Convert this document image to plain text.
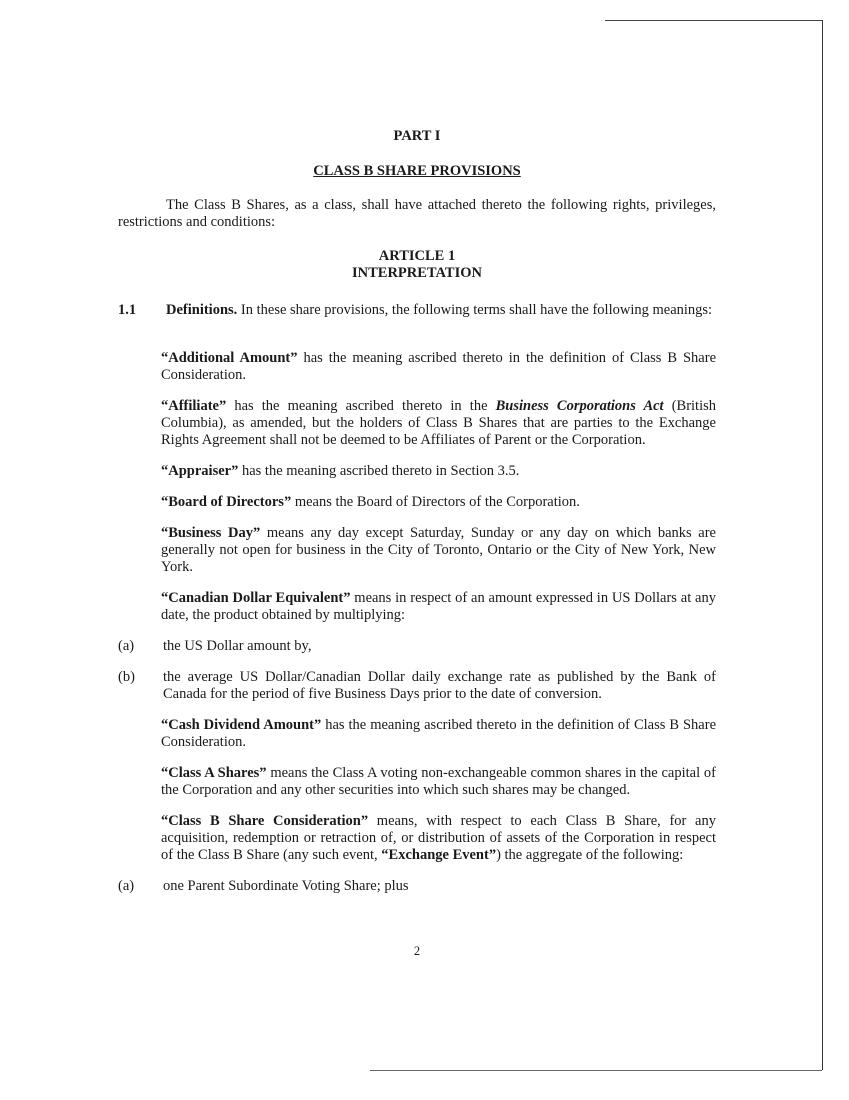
PART I
CLASS B SHARE PROVISIONS
The Class B Shares, as a class, shall have attached thereto the following rights, privileges, restrictions and conditions:
ARTICLE 1
INTERPRETATION
1.1 Definitions. In these share provisions, the following terms shall have the following meanings:

“Additional Amount” has the meaning ascribed thereto in the definition of Class B Share Consideration.

“Affiliate” has the meaning ascribed thereto in the Business Corporations Act (British Columbia), as amended, but the holders of Class B Shares that are parties to the Exchange Rights Agreement shall not be deemed to be Affiliates of Parent or the Corporation.

“Appraiser” has the meaning ascribed thereto in Section 3.5.

“Board of Directors” means the Board of Directors of the Corporation.

“Business Day” means any day except Saturday, Sunday or any day on which banks are generally not open for business in the City of Toronto, Ontario or the City of New York, New York.

“Canadian Dollar Equivalent” means in respect of an amount expressed in US Dollars at any date, the product obtained by multiplying:

(a) the US Dollar amount by,
(b) the average US Dollar/Canadian Dollar daily exchange rate as published by the Bank of Canada for the period of five Business Days prior to the date of conversion.

“Cash Dividend Amount” has the meaning ascribed thereto in the definition of Class B Share Consideration.

“Class A Shares” means the Class A voting non-exchangeable common shares in the capital of the Corporation and any other securities into which such shares may be changed.

“Class B Share Consideration” means, with respect to each Class B Share, for any acquisition, redemption or retraction of, or distribution of assets of the Corporation in respect of the Class B Share (any such event, “Exchange Event”) the aggregate of the following:

(a) one Parent Subordinate Voting Share; plus
2
